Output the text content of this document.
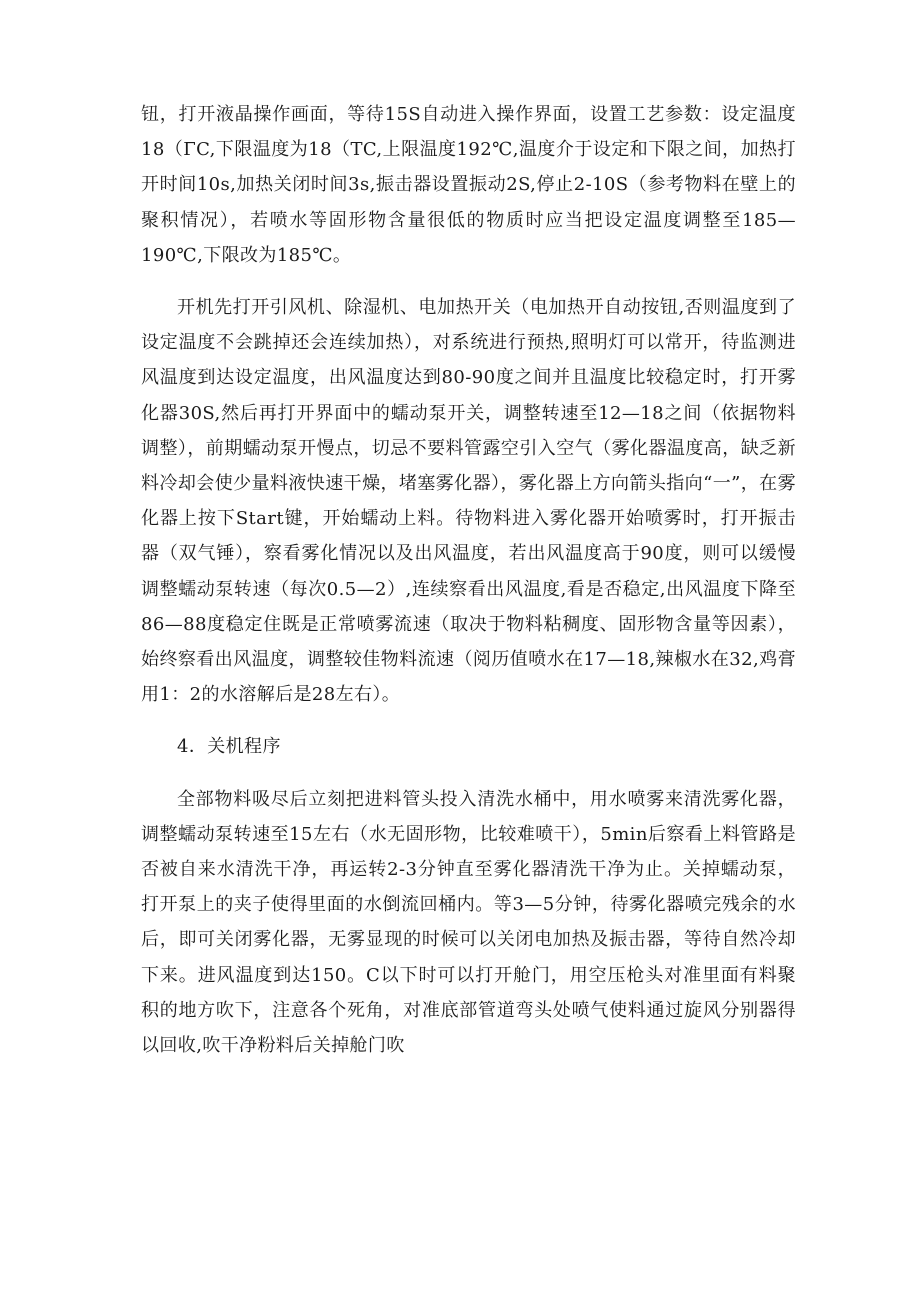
钮，打开液晶操作画面，等待15S自动进入操作界面，设置工艺参数：设定温度18（ΓC,下限温度为18（TC,上限温度192℃,温度介于设定和下限之间，加热打开时间10s,加热关闭时间3s,振击器设置振动2S,停止2-10S（参考物料在壁上的聚积情况），若喷水等固形物含量很低的物质时应当把设定温度调整至185—190℃,下限改为185℃。

开机先打开引风机、除湿机、电加热开关（电加热开自动按钮,否则温度到了设定温度不会跳掉还会连续加热），对系统进行预热,照明灯可以常开，待监测进风温度到达设定温度，出风温度达到80-90度之间并且温度比较稳定时，打开雾化器30S,然后再打开界面中的蠕动泵开关，调整转速至12—18之间（依据物料调整），前期蠕动泵开慢点，切忌不要料管露空引入空气（雾化器温度高，缺乏新料冷却会使少量料液快速干燥，堵塞雾化器），雾化器上方向箭头指向“一”，在雾化器上按下Start键，开始蠕动上料。待物料进入雾化器开始喷雾时，打开振击器（双气锤），察看雾化情况以及出风温度，若出风温度高于90度，则可以缓慢调整蠕动泵转速（每次0.5—2）,连续察看出风温度,看是否稳定,出风温度下降至86—88度稳定住既是正常喷雾流速（取决于物料粘稠度、固形物含量等因素），始终察看出风温度，调整较佳物料流速（阅历值喷水在17—18,辣椒水在32,鸡膏用1：2的水溶解后是28左右）。

4．关机程序

全部物料吸尽后立刻把进料管头投入清洗水桶中，用水喷雾来清洗雾化器，调整蠕动泵转速至15左右（水无固形物，比较难喷干），5min后察看上料管路是否被自来水清洗干净，再运转2-3分钟直至雾化器清洗干净为止。关掉蠕动泵，打开泵上的夹子使得里面的水倒流回桶内。等3—5分钟，待雾化器喷完残余的水后，即可关闭雾化器，无雾显现的时候可以关闭电加热及振击器，等待自然冷却下来。进风温度到达150。C以下时可以打开舱门，用空压枪头对准里面有料聚积的地方吹下，注意各个死角，对准底部管道弯头处喷气使料通过旋风分别器得以回收,吹干净粉料后关掉舱门吹
